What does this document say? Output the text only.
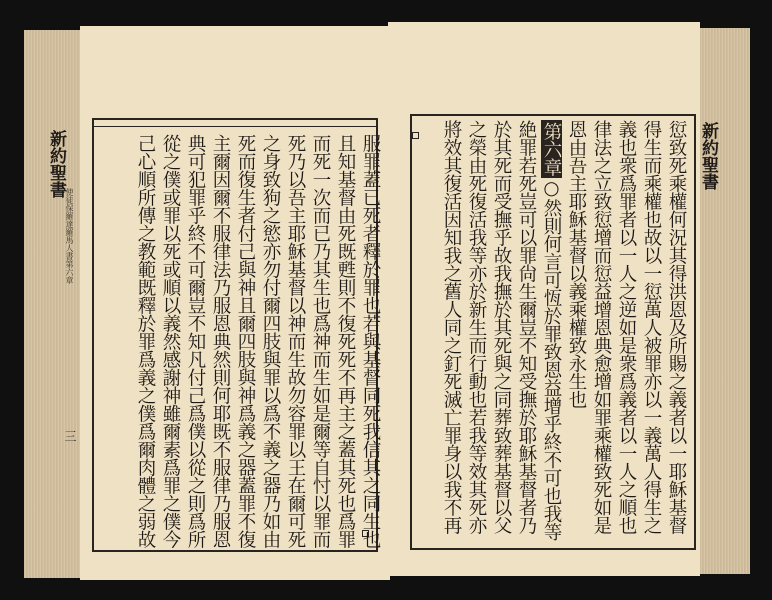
新約聖書
使徒保羅達羅馬人書第六章
三	服罪蓋已死者釋於罪也若與基督同死我信其之同生也
且知基督由死既甦則不復死死不再主之蓋其死也爲罪
而死一次而已乃其生也爲神而生如是爾等自忖以罪而
死乃以吾主耶穌基督以神而生故勿容罪以王在爾可死
之身致狗之慾亦勿付爾四肢與罪以爲不義之器乃如由
死而復生者付己與神且爾四肢與神爲義之器蓋罪不復
主爾因爾不服律法乃服恩典然則何耶既不服律乃服恩
典可犯罪乎終不可爾豈不知凡付己爲僕以從之則爲所
從之僕或罪以死或順以義然感謝神雖爾素爲罪之僕今
己心順所傳之教範既釋於罪爲義之僕爲爾肉體之弱故	新約聖書
愆致死乘權何況其得洪恩及所賜之義者以一耶穌基督
得生而乘權也故以一愆萬人被罪亦以一義萬人得生之
義也衆爲罪者以一人之逆如是衆爲義者以一人之順也
律法之立致愆增而愆益增恩典愈增如罪乘權致死如是
恩由吾主耶穌基督以義乘權致永生也
第六章○然則何言可恆於罪致恩益增乎終不可也我等
絶罪若死豈可以罪尙生爾豈不知受撫於耶穌基督者乃
於其死而受撫乎故我撫於其死與之同葬致葬基督以父
之榮由死復活我等亦於新生而行動也若我等效其死亦
將效其復活因知我之舊人同之釘死滅亡罪身以我不再
